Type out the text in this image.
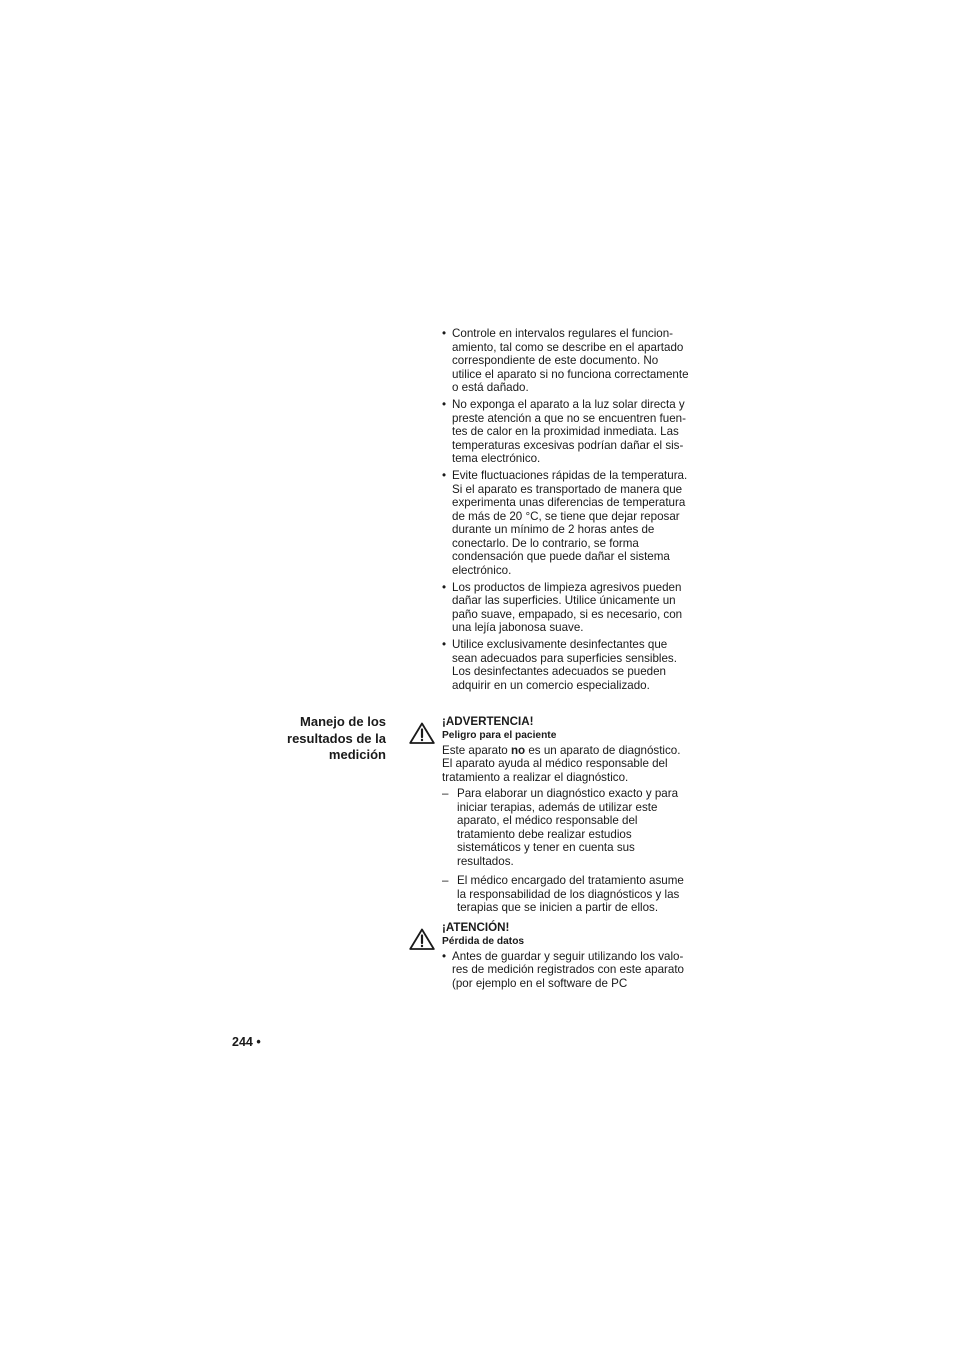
• Controle en intervalos regulares el funcion-
amiento, tal como se describe en el apartado
correspondiente de este documento. No
utilice el aparato si no funciona correctamente
o está dañado.
• No exponga el aparato a la luz solar directa y
preste atención a que no se encuentren fuen-
tes de calor en la proximidad inmediata. Las
temperaturas excesivas podrían dañar el sis-
tema electrónico.
• Evite fluctuaciones rápidas de la temperatura.
Si el aparato es transportado de manera que
experimenta unas diferencias de temperatura
de más de 20 °C, se tiene que dejar reposar
durante un mínimo de 2 horas antes de
conectarlo. De lo contrario, se forma
condensación que puede dañar el sistema
electrónico.
• Los productos de limpieza agresivos pueden
dañar las superficies. Utilice únicamente un
paño suave, empapado, si es necesario, con
una lejía jabonosa suave.
• Utilice exclusivamente desinfectantes que
sean adecuados para superficies sensibles.
Los desinfectantes adecuados se pueden
adquirir en un comercio especializado.
Manejo de los
resultados de la
medición
¡ADVERTENCIA!
Peligro para el paciente
Este aparato no es un aparato de diagnóstico.
El aparato ayuda al médico responsable del
tratamiento a realizar el diagnóstico.
– Para elaborar un diagnóstico exacto y para
iniciar terapias, además de utilizar este
aparato, el médico responsable del
tratamiento debe realizar estudios
sistemáticos y tener en cuenta sus
resultados.
– El médico encargado del tratamiento asume
la responsabilidad de los diagnósticos y las
terapias que se inicien a partir de ellos.
¡ATENCIÓN!
Pérdida de datos
• Antes de guardar y seguir utilizando los valo-
res de medición registrados con este aparato
(por ejemplo en el software de PC
244 •
